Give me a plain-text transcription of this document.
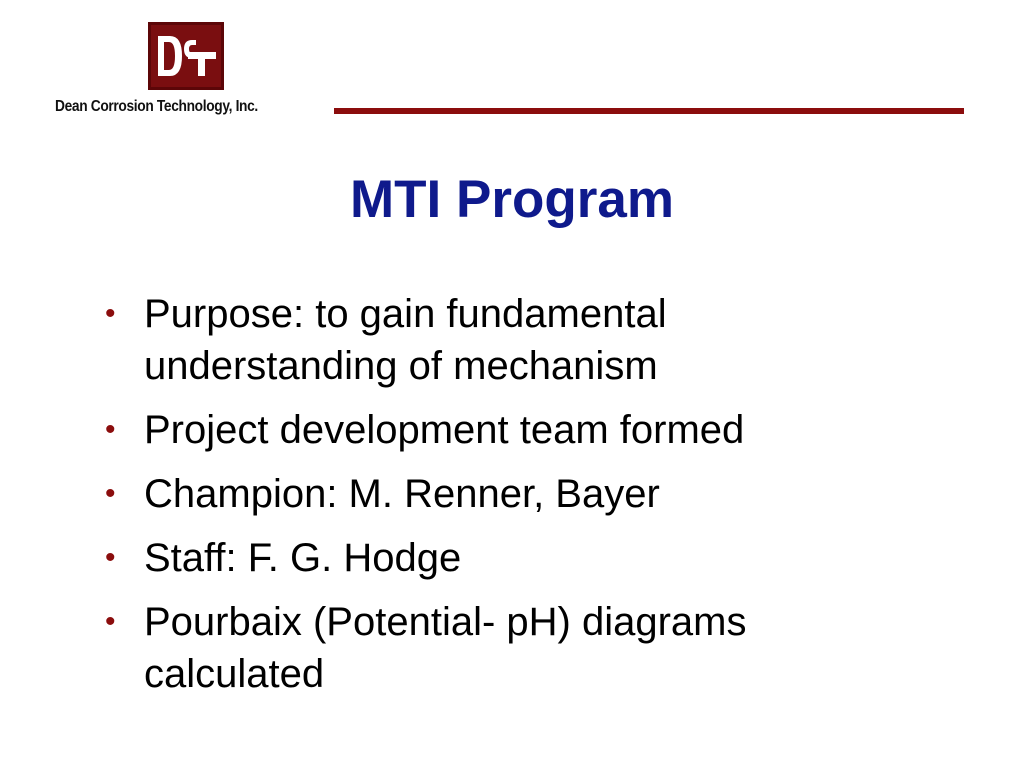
Dean Corrosion Technology, Inc.
MTI Program
• Purpose: to gain fundamental understanding of mechanism
• Project development team formed
• Champion: M. Renner, Bayer
• Staff: F. G. Hodge
• Pourbaix (Potential- pH) diagrams calculated
